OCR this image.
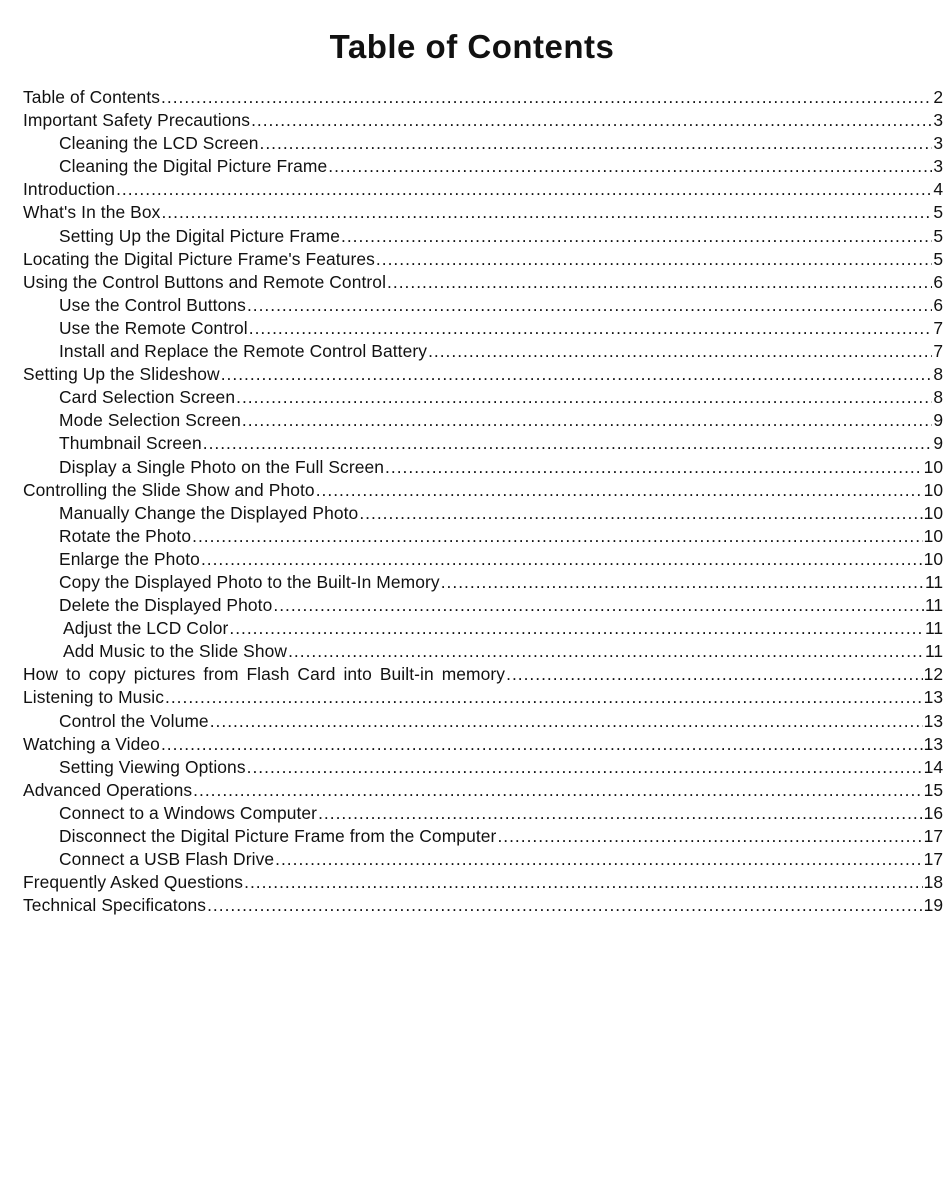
Table of Contents
Table of Contents .....	2
Important Safety Precautions .....	3
Cleaning the LCD Screen .....	3
Cleaning the Digital Picture Frame .....	3
Introduction .....	4
What's In the Box .....	5
Setting Up the Digital Picture Frame .....	5
Locating the Digital Picture Frame's Features .....	5
Using the Control Buttons and Remote Control .....	6
Use the Control Buttons .....	6
Use the Remote Control .....	7
Install and Replace the Remote Control Battery .....	7
Setting Up the Slideshow .....	8
Card Selection Screen .....	8
Mode Selection Screen .....	9
Thumbnail Screen .....	9
Display a Single Photo on the Full Screen .....	10
Controlling the Slide Show and Photo .....	10
Manually Change the Displayed Photo .....	10
Rotate the Photo .....	10
Enlarge the Photo .....	10
Copy the Displayed Photo to the Built-In Memory .....	11
Delete the Displayed Photo .....	11
Adjust the LCD Color .....	11
Add Music to the Slide Show .....	11
How to copy pictures from Flash Card into Built-in memory .....	12
Listening to Music .....	13
Control the Volume .....	13
Watching a Video .....	13
Setting Viewing Options .....	14
Advanced Operations .....	15
Connect to a Windows Computer .....	16
Disconnect the Digital Picture Frame from the Computer .....	17
Connect a USB Flash Drive .....	17
Frequently Asked Questions .....	18
Technical Specificatons .....	19
